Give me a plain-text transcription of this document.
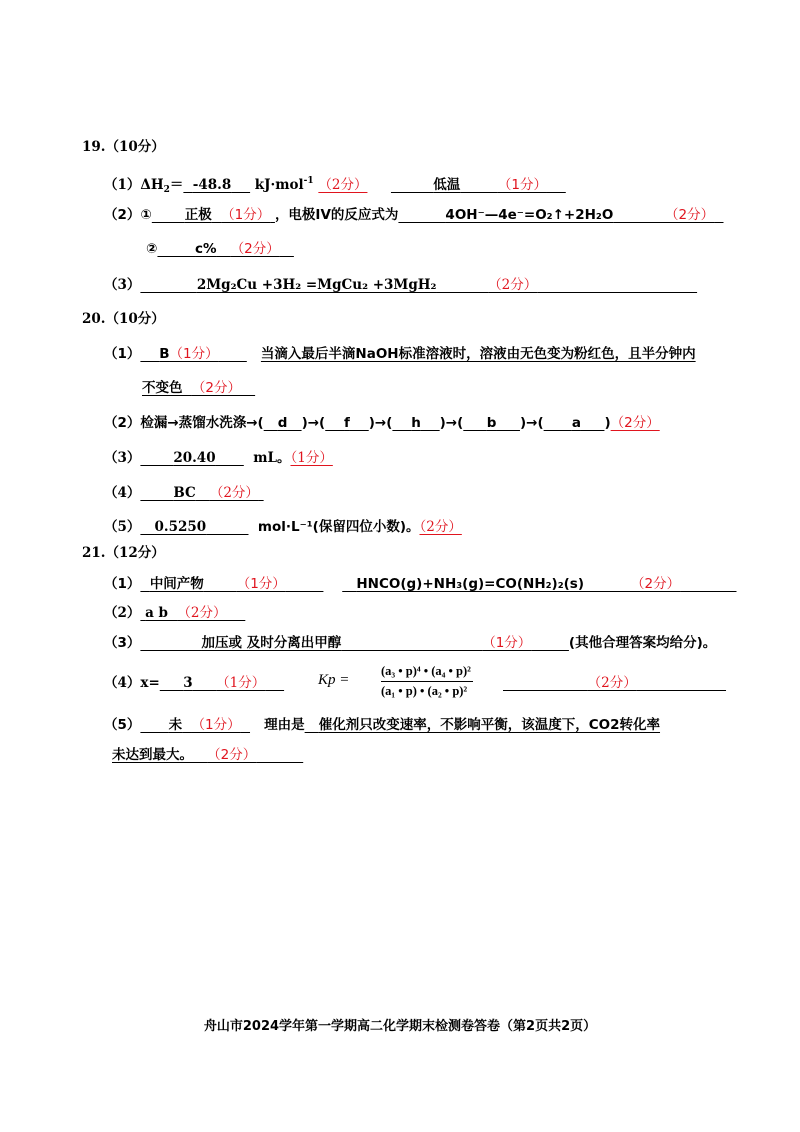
19.（10分）
$(1)\Delta H_2= -48.8$ kJ·mol$^{-1}$ （2分）	低温	（1分）
（2）① 正极 （1分） ，电极IV的反应式为	4OH⁻—4e⁻=O₂↑+2H₂O	（2分）
②	c% （2分）
（3）	2Mg₂Cu +3H₂ =MgCu₂ +3MgH₂	（2分）
20.（10分）
（1） B（1分）	当滴入最后半滴NaOH标准溶液时，溶液由无色变为粉红色，且半分钟内
不变色 （2分）
（2）检漏→蒸馏水洗涤→( d )→( f )→( h )→( b )→( a )（2分）
（3） 20.40	mL。（1分）
（4） BC （2分）
（5） 0.5250	mol·L⁻¹(保留四位小数)。（2分）
21.（12分）
（1） 中间产物 （1分）	HNCO(g)+NH₃(g)=CO(NH₂)₂(s)	（2分）
（2） a b （2分）
（3）	加压或 及时分离出甲醇	（1分）	(其他合理答案均给分)。
（4）x= 3 （1分）	Kp =	$\frac{\text{(a₃ • p)⁴ • (a₄ • p)²}}{\text{(a₁ • p) • (a₂ • p)²}}$	（2分）
（5） 未 （1分） 理由是 催化剂只改变速率，不影响平衡，该温度下，CO2转化率
未达到最大。 （2分）
舟山市2024学年第一学期高二化学期末检测卷答卷（第2页共2页）
